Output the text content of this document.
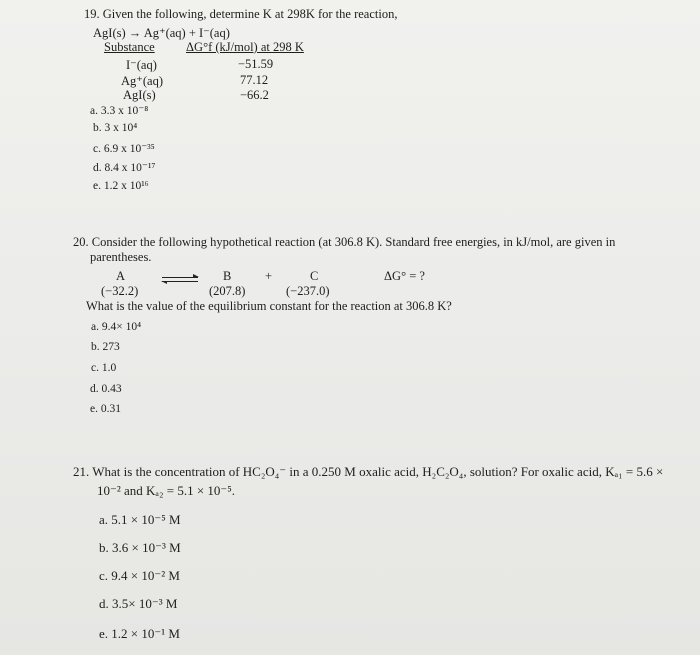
19. Given the following, determine K at 298K for the reaction,
AgI(s) → Ag⁺(aq) + I⁻(aq)
Substance	ΔG°f (kJ/mol) at 298 K
I⁻(aq)	−51.59
Ag⁺(aq)	77.12
AgI(s)	−66.2
a. 3.3 x 10⁻⁸
b. 3 x 10⁴
c. 6.9 x 10⁻³⁵
d. 8.4 x 10⁻¹⁷
e. 1.2 x 10¹⁶
20. Consider the following hypothetical reaction (at 306.8 K). Standard free energies, in kJ/mol, are given in
parentheses.
A	B	+	C	ΔG° = ?
(−32.2)	(207.8)	(−237.0)
What is the value of the equilibrium constant for the reaction at 306.8 K?
a. 9.4× 10⁴
b. 273
c. 1.0
d. 0.43
e. 0.31
21. What is the concentration of HC₂O₄⁻ in a 0.250 M oxalic acid, H₂C₂O₄, solution? For oxalic acid, Kₐ₁ = 5.6 ×
10⁻² and Kₐ₂ = 5.1 × 10⁻⁵.
a. 5.1 × 10⁻⁵ M
b. 3.6 × 10⁻³ M
c. 9.4 × 10⁻² M
d. 3.5× 10⁻³ M
e. 1.2 × 10⁻¹ M
